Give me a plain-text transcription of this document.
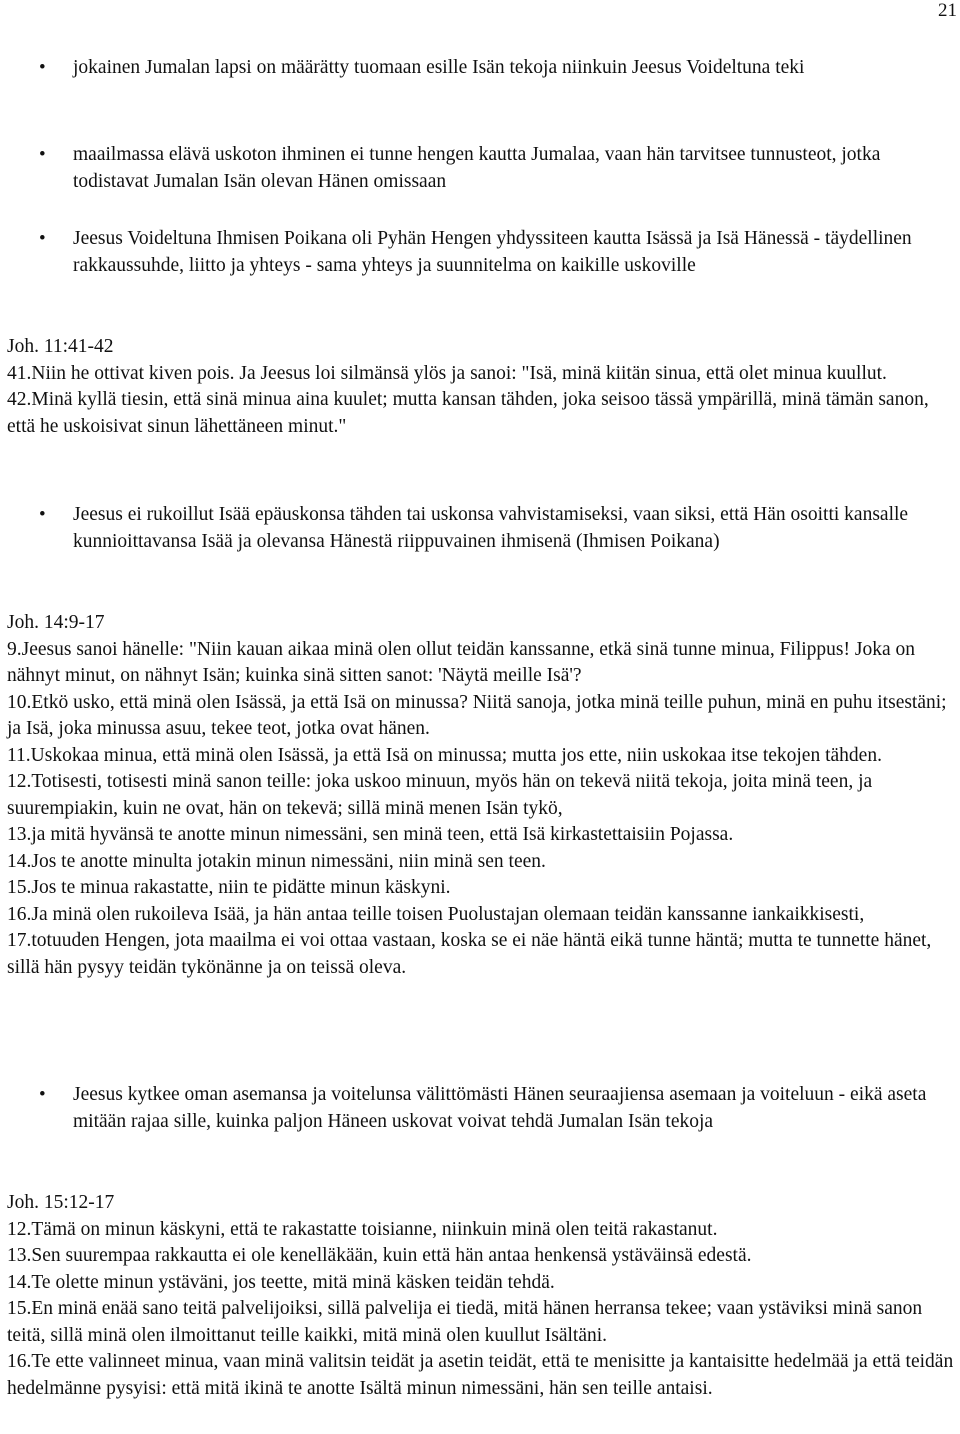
21
• jokainen Jumalan lapsi on määrätty tuomaan esille Isän tekoja niinkuin Jeesus Voideltuna teki
• maailmassa elävä uskoton ihminen ei tunne hengen kautta Jumalaa, vaan hän tarvitsee tunnusteot, jotka todistavat Jumalan Isän olevan Hänen omissaan
• Jeesus Voideltuna Ihmisen Poikana oli Pyhän Hengen yhdyssiteen kautta Isässä ja Isä Hänessä - täydellinen rakkaussuhde, liitto ja yhteys - sama yhteys ja suunnitelma on kaikille uskoville
Joh. 11:41-42
41.Niin he ottivat kiven pois. Ja Jeesus loi silmänsä ylös ja sanoi: "Isä, minä kiitän sinua, että olet minua kuullut.
42.Minä kyllä tiesin, että sinä minua aina kuulet; mutta kansan tähden, joka seisoo tässä ympärillä, minä tämän sanon, että he uskoisivat sinun lähettäneen minut."
• Jeesus ei rukoillut Isää epäuskonsa tähden tai uskonsa vahvistamiseksi, vaan siksi, että Hän osoitti kansalle kunnioittavansa Isää ja olevansa Hänestä riippuvainen ihmisenä (Ihmisen Poikana)
Joh. 14:9-17
9.Jeesus sanoi hänelle: "Niin kauan aikaa minä olen ollut teidän kanssanne, etkä sinä tunne minua, Filippus! Joka on nähnyt minut, on nähnyt Isän; kuinka sinä sitten sanot: 'Näytä meille Isä'?
10.Etkö usko, että minä olen Isässä, ja että Isä on minussa? Niitä sanoja, jotka minä teille puhun, minä en puhu itsestäni; ja Isä, joka minussa asuu, tekee teot, jotka ovat hänen.
11.Uskokaa minua, että minä olen Isässä, ja että Isä on minussa; mutta jos ette, niin uskokaa itse tekojen tähden.
12.Totisesti, totisesti minä sanon teille: joka uskoo minuun, myös hän on tekevä niitä tekoja, joita minä teen, ja suurempiakin, kuin ne ovat, hän on tekevä; sillä minä menen Isän tykö,
13.ja mitä hyvänsä te anotte minun nimessäni, sen minä teen, että Isä kirkastettaisiin Pojassa.
14.Jos te anotte minulta jotakin minun nimessäni, niin minä sen teen.
15.Jos te minua rakastatte, niin te pidätte minun käskyni.
16.Ja minä olen rukoileva Isää, ja hän antaa teille toisen Puolustajan olemaan teidän kanssanne iankaikkisesti,
17.totuuden Hengen, jota maailma ei voi ottaa vastaan, koska se ei näe häntä eikä tunne häntä; mutta te tunnette hänet, sillä hän pysyy teidän tykönänne ja on teissä oleva.
• Jeesus kytkee oman asemansa ja voitelunsa välittömästi Hänen seuraajiensa asemaan ja voiteluun - eikä aseta mitään rajaa sille, kuinka paljon Häneen uskovat voivat tehdä Jumalan Isän tekoja
Joh. 15:12-17
12.Tämä on minun käskyni, että te rakastatte toisianne, niinkuin minä olen teitä rakastanut.
13.Sen suurempaa rakkautta ei ole kenelläkään, kuin että hän antaa henkensä ystäväinsä edestä.
14.Te olette minun ystäväni, jos teette, mitä minä käsken teidän tehdä.
15.En minä enää sano teitä palvelijoiksi, sillä palvelija ei tiedä, mitä hänen herransa tekee; vaan ystäviksi minä sanon teitä, sillä minä olen ilmoittanut teille kaikki, mitä minä olen kuullut Isältäni.
16.Te ette valinneet minua, vaan minä valitsin teidät ja asetin teidät, että te menisitte ja kantaisitte hedelmää ja että teidän hedelmänne pysyisi: että mitä ikinä te anotte Isältä minun nimessäni, hän sen teille antaisi.
